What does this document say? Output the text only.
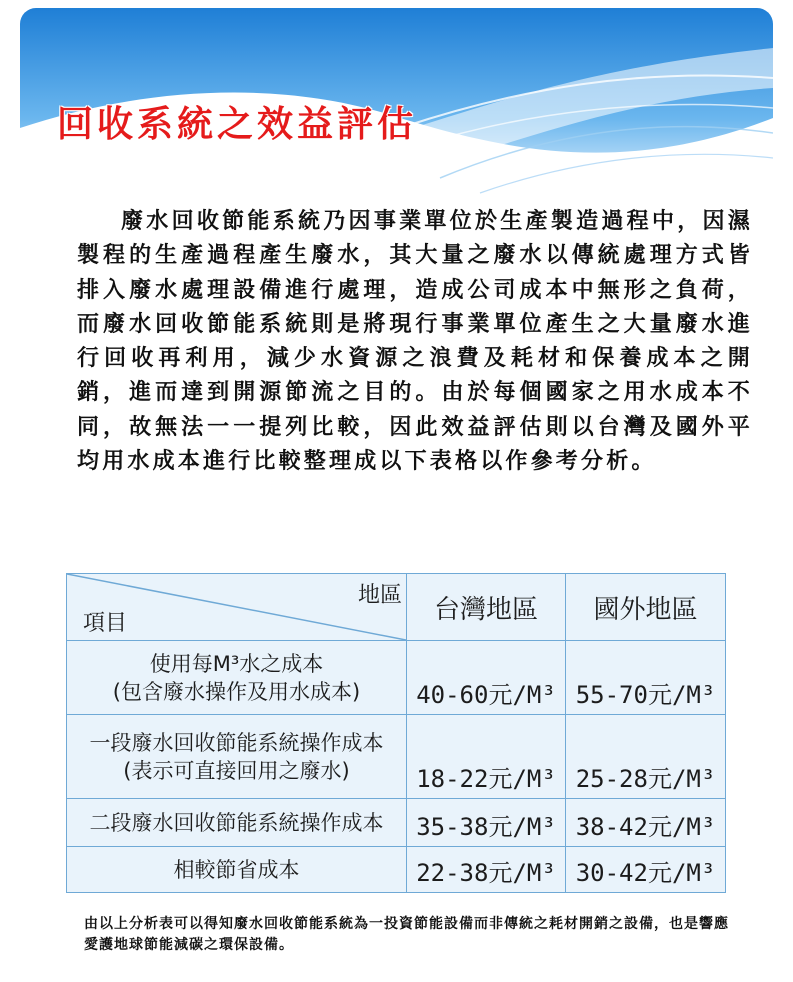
回收系統之效益評估

廢水回收節能系統乃因事業單位於生產製造過程中，因濕製程的生產過程產生廢水，其大量之廢水以傳統處理方式皆排入廢水處理設備進行處理，造成公司成本中無形之負荷，而廢水回收節能系統則是將現行事業單位產生之大量廢水進行回收再利用，減少水資源之浪費及耗材和保養成本之開銷，進而達到開源節流之目的。由於每個國家之用水成本不同，故無法一一提列比較，因此效益評估則以台灣及國外平均用水成本進行比較整理成以下表格以作參考分析。

地區
項目	台灣地區	國外地區

使用每M³水之成本
(包含廢水操作及用水成本)	40-60元/M³	55-70元/M³

一段廢水回收節能系統操作成本
(表示可直接回用之廢水)	18-22元/M³	25-28元/M³
二段廢水回收節能系統操作成本	35-38元/M³	38-42元/M³
相較節省成本	22-38元/M³	30-42元/M³

由以上分析表可以得知廢水回收節能系統為一投資節能設備而非傳統之耗材開銷之設備，也是響應愛護地球節能減碳之環保設備。
